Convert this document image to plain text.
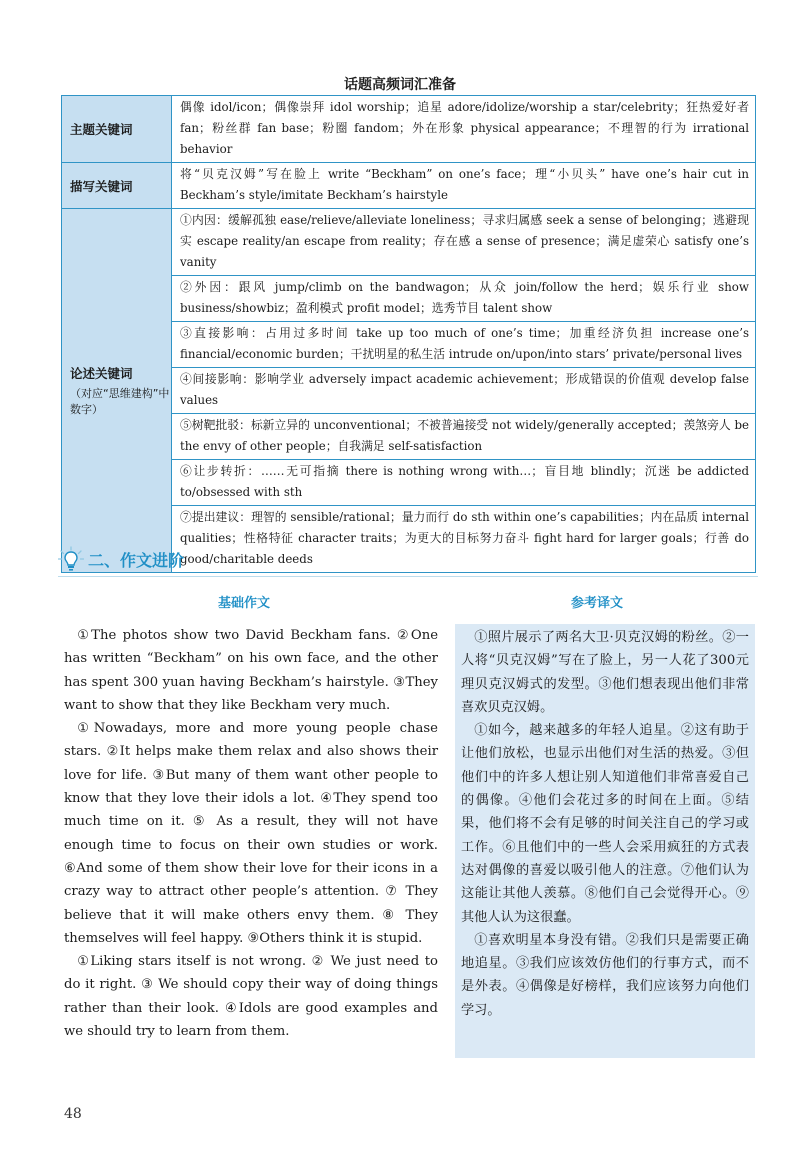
话题高频词汇准备
主题关键词	偶像 idol/icon；偶像崇拜 idol worship；追星 adore/idolize/worship a star/celebrity；狂热爱好者 fan；粉丝群 fan base；粉圈 fandom；外在形象 physical appearance；不理智的行为 irrational behavior
描写关键词	将“贝克汉姆”写在脸上 write “Beckham” on one’s face；理“小贝头” have one’s hair cut in Beckham’s style/imitate Beckham’s hairstyle
论述关键词
（对应“思维建构”中数字）	①内因：缓解孤独 ease/relieve/alleviate loneliness；寻求归属感 seek a sense of belonging；逃避现实 escape reality/an escape from reality；存在感 a sense of presence；满足虚荣心 satisfy one’s vanity
	②外因：跟风 jump/climb on the bandwagon；从众 join/follow the herd；娱乐行业 show business/showbiz；盈利模式 profit model；选秀节目 talent show
	③直接影响：占用过多时间 take up too much of one’s time；加重经济负担 increase one’s financial/economic burden；干扰明星的私生活 intrude on/upon/into stars’ private/personal lives
	④间接影响：影响学业 adversely impact academic achievement；形成错误的价值观 develop false values
	⑤树靶批驳：标新立异的 unconventional；不被普遍接受 not widely/generally accepted；羡煞旁人 be the envy of other people；自我满足 self-satisfaction
	⑥让步转折：……无可指摘 there is nothing wrong with…；盲目地 blindly；沉迷 be addicted to/obsessed with sth
	⑦提出建议：理智的 sensible/rational；量力而行 do sth within one’s capabilities；内在品质 internal qualities；性格特征 character traits；为更大的目标努力奋斗 fight hard for larger goals；行善 do good/charitable deeds
二、作文进阶
基础作文	参考译文

①The photos show two David Beckham fans. ②One has written “Beckham” on his own face, and the other has spent 300 yuan having Beckham’s hairstyle. ③They want to show that they like Beckham very much.

①Nowadays, more and more young people chase stars. ②It helps make them relax and also shows their love for life. ③But many of them want other people to know that they love their idols a lot. ④They spend too much time on it. ⑤ As a result, they will not have enough time to focus on their own studies or work. ⑥And some of them show their love for their icons in a crazy way to attract other people’s attention. ⑦ They believe that it will make others envy them. ⑧ They themselves will feel happy. ⑨Others think it is stupid.

①Liking stars itself is not wrong. ② We just need to do it right. ③ We should copy their way of doing things rather than their look. ④Idols are good examples and we should try to learn from them.

①照片展示了两名大卫·贝克汉姆的粉丝。②一人将“贝克汉姆”写在了脸上，另一人花了300元理贝克汉姆式的发型。③他们想表现出他们非常喜欢贝克汉姆。

①如今，越来越多的年轻人追星。②这有助于让他们放松，也显示出他们对生活的热爱。③但他们中的许多人想让别人知道他们非常喜爱自己的偶像。④他们会花过多的时间在上面。⑤结果，他们将不会有足够的时间关注自己的学习或工作。⑥且他们中的一些人会采用疯狂的方式表达对偶像的喜爱以吸引他人的注意。⑦他们认为这能让其他人羡慕。⑧他们自己会觉得开心。⑨其他人认为这很蠢。

①喜欢明星本身没有错。②我们只是需要正确地追星。③我们应该效仿他们的行事方式，而不是外表。④偶像是好榜样，我们应该努力向他们学习。

48
